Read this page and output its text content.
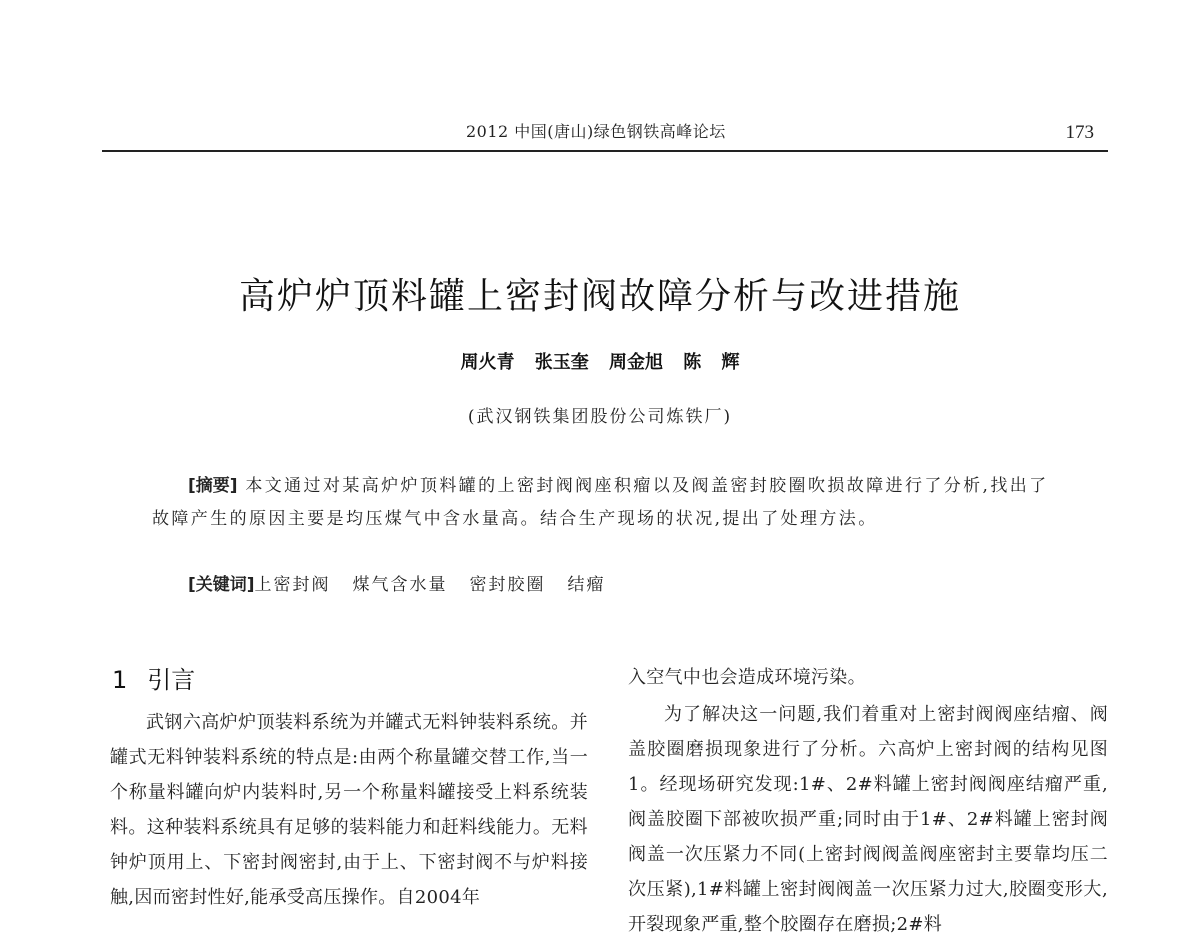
2012 中国(唐山)绿色钢铁高峰论坛	173
高炉炉顶料罐上密封阀故障分析与改进措施
周火青 张玉奎 周金旭 陈 辉
(武汉钢铁集团股份公司炼铁厂)
[摘要] 本文通过对某高炉炉顶料罐的上密封阀阀座积瘤以及阀盖密封胶圈吹损故障进行了分析,找出了故障产生的原因主要是均压煤气中含水量高。结合生产现场的状况,提出了处理方法。
[关键词]上密封阀 煤气含水量 密封胶圈 结瘤
1 引言
武钢六高炉炉顶装料系统为并罐式无料钟装料系统。并罐式无料钟装料系统的特点是:由两个称量罐交替工作,当一个称量料罐向炉内装料时,另一个称量料罐接受上料系统装料。这种装料系统具有足够的装料能力和赶料线能力。无料钟炉顶用上、下密封阀密封,由于上、下密封阀不与炉料接触,因而密封性好,能承受高压操作。自2004年
入空气中也会造成环境污染。
为了解决这一问题,我们着重对上密封阀阀座结瘤、阀盖胶圈磨损现象进行了分析。六高炉上密封阀的结构见图1。经现场研究发现:1#、2#料罐上密封阀阀座结瘤严重,阀盖胶圈下部被吹损严重;同时由于1#、2#料罐上密封阀阀盖一次压紧力不同(上密封阀阀盖阀座密封主要靠均压二次压紧),1#料罐上密封阀阀盖一次压紧力过大,胶圈变形大,开裂现象严重,整个胶圈存在磨损;2#料
